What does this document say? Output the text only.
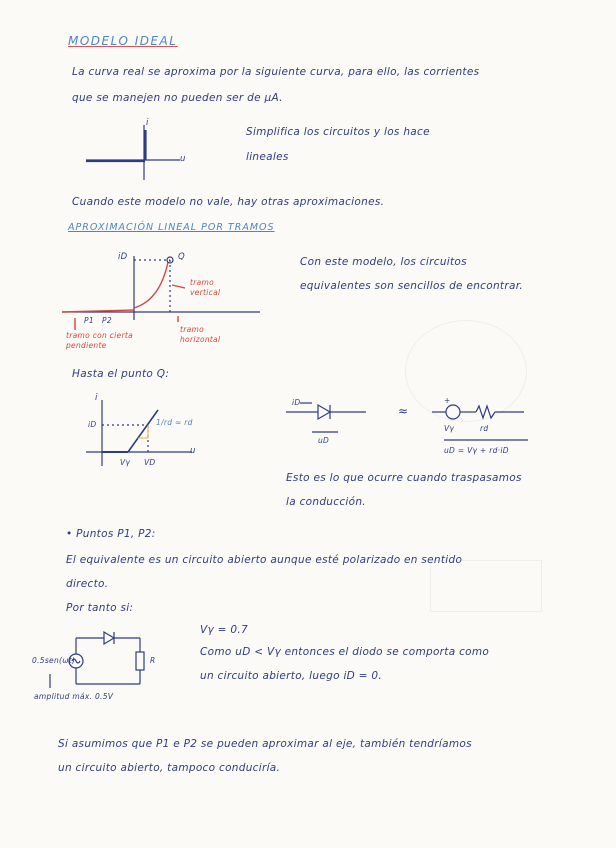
MODELO IDEAL
La curva real se aproxima por la siguiente curva, para ello, las corrientes
que se manejen no pueden ser de μA.
i
u
Simplifica los circuitos y los hace
lineales
Cuando este modelo no vale, hay otras aproximaciones.
APROXIMACIÓN LINEAL POR TRAMOS
iD	Q
tramo
vertical
tramo con cierta
pendiente
tramo
horizontal
P1 P2
Con este modelo, los circuitos
equivalentes son sencillos de encontrar.
Hasta el punto Q:
i
iD	1/rd ≈ rd
u
Vγ VD
iD
uD
≈
+
Vγ	rd
uD = Vγ + rd·iD
Esto es lo que ocurre cuando traspasamos
la conducción.
• Puntos P1, P2:
El equivalente es un circuito abierto aunque esté polarizado en sentido
directo.
Por tanto si:
0.5sen(ωt)	R
amplitud máx. 0.5V
Vγ = 0.7
Como uD < Vγ entonces el diodo se comporta como
un circuito abierto, luego iD = 0.
Si asumimos que P1 e P2 se pueden aproximar al eje, también tendríamos
un circuito abierto, tampoco conduciría.
